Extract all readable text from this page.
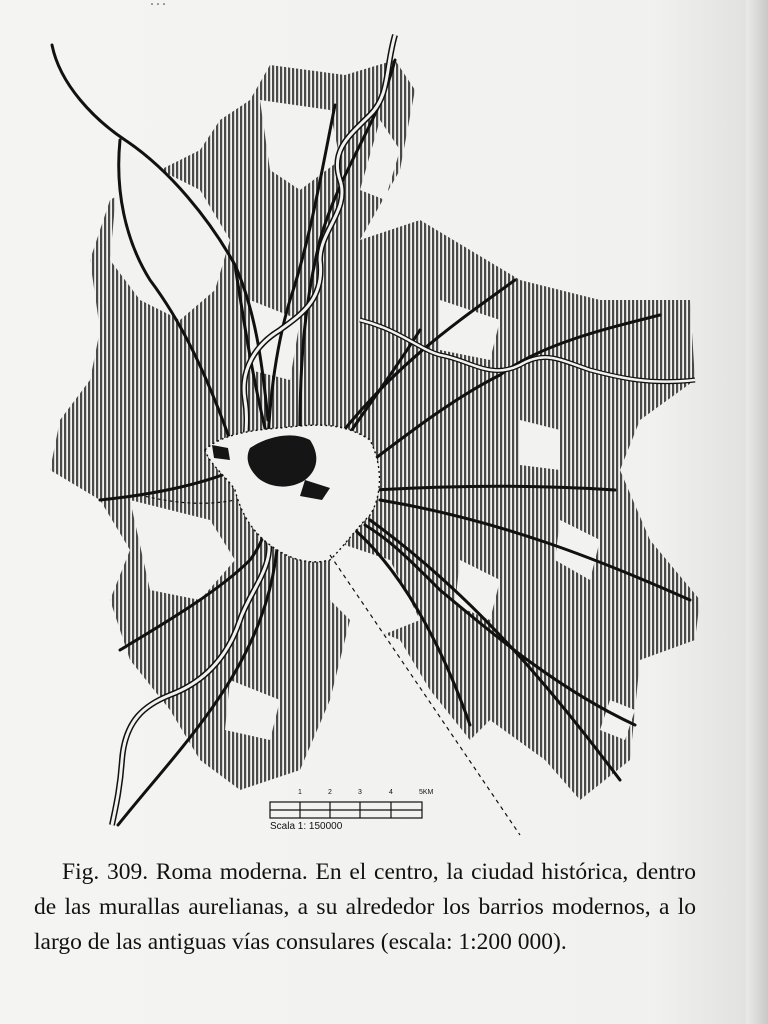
...
1	2	3	4	5KM
Scala 1: 150000
Fig. 309. Roma moderna. En el centro, la ciudad histórica, dentro de las murallas aurelianas, a su alrededor los barrios modernos, a lo largo de las antiguas vías consulares (escala: 1:200 000).
